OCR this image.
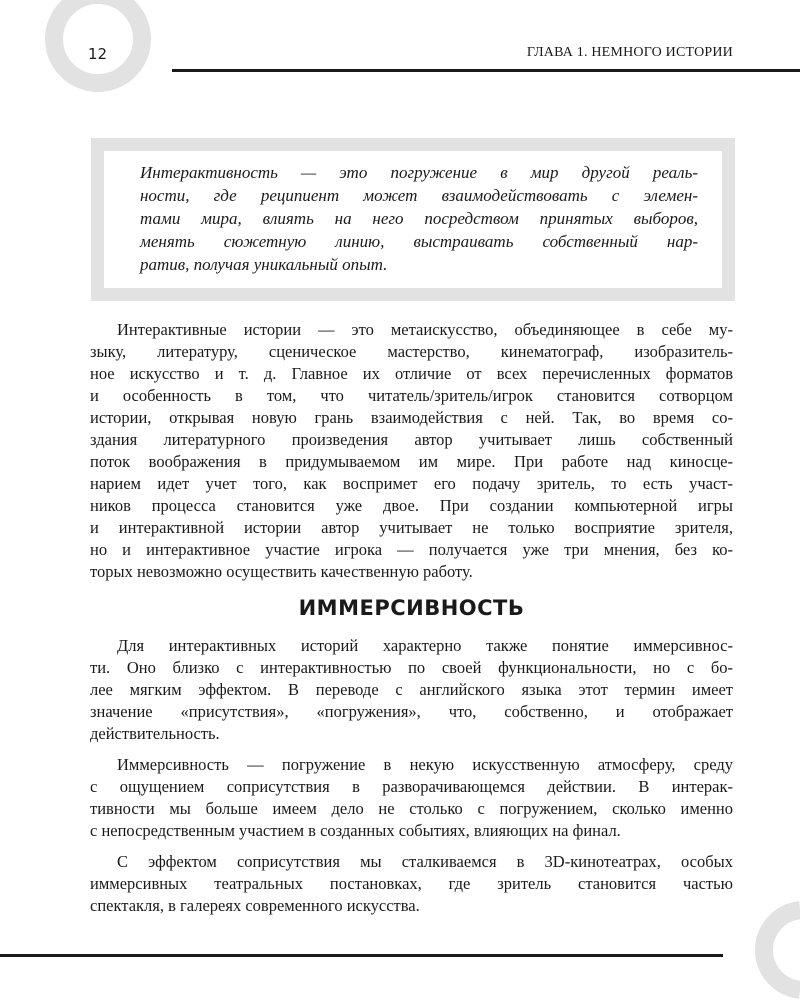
12	ГЛАВА 1. НЕМНОГО ИСТОРИИ
Интерактивность — это погружение в мир другой реаль-
ности, где реципиент может взаимодействовать с элемен-
тами мира, влиять на него посредством принятых выборов,
менять сюжетную линию, выстраивать собственный нар-
ратив, получая уникальный опыт.
Интерактивные истории — это метаискусство, объединяющее в себе му-
зыку, литературу, сценическое мастерство, кинематограф, изобразитель-
ное искусство и т. д. Главное их отличие от всех перечисленных форматов
и особенность в том, что читатель/зритель/игрок становится сотворцом
истории, открывая новую грань взаимодействия с ней. Так, во время со-
здания литературного произведения автор учитывает лишь собственный
поток воображения в придумываемом им мире. При работе над киносце-
нарием идет учет того, как воспримет его подачу зритель, то есть участ-
ников процесса становится уже двое. При создании компьютерной игры
и интерактивной истории автор учитывает не только восприятие зрителя,
но и интерактивное участие игрока — получается уже три мнения, без ко-
торых невозможно осуществить качественную работу.
ИММЕРСИВНОСТЬ
Для интерактивных историй характерно также понятие иммерсивнос-
ти. Оно близко с интерактивностью по своей функциональности, но с бо-
лее мягким эффектом. В переводе с английского языка этот термин имеет
значение «присутствия», «погружения», что, собственно, и отображает
действительность.
Иммерсивность — погружение в некую искусственную атмосферу, среду
с ощущением соприсутствия в разворачивающемся действии. В интерак-
тивности мы больше имеем дело не столько с погружением, сколько именно
с непосредственным участием в созданных событиях, влияющих на финал.
С эффектом соприсутствия мы сталкиваемся в 3D-кинотеатрах, особых
иммерсивных театральных постановках, где зритель становится частью
спектакля, в галереях современного искусства.
